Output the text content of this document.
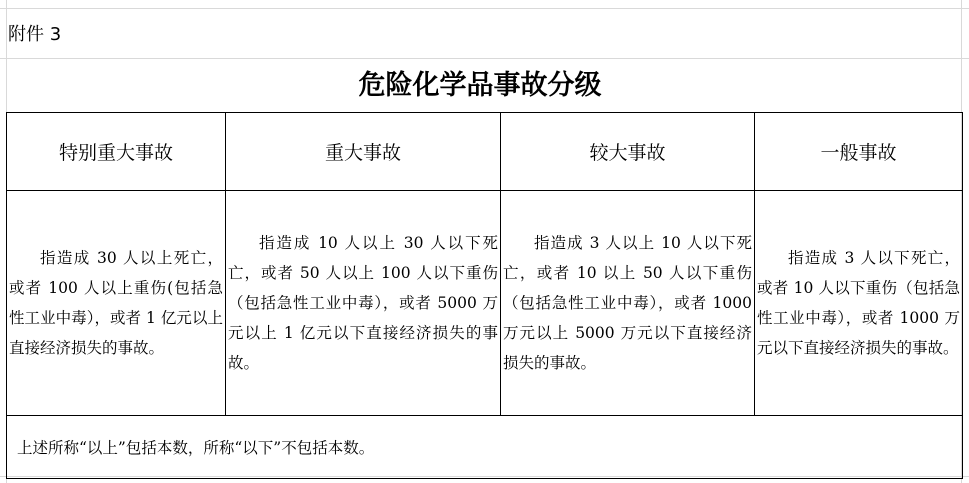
附件 3
危险化学品事故分级
特别重大事故	重大事故	较大事故	一般事故
指造成 30 人以上死亡，或者 100 人以上重伤(包括急性工业中毒），或者 1 亿元以上直接经济损失的事故。	指造成 10 人以上 30 人以下死亡，或者 50 人以上 100 人以下重伤（包括急性工业中毒），或者 5000 万元以上 1 亿元以下直接经济损失的事故。	指造成 3 人以上 10 人以下死亡，或者 10 以上 50 人以下重伤（包括急性工业中毒），或者 1000 万元以上 5000 万元以下直接经济损失的事故。	指造成 3 人以下死亡，或者 10 人以下重伤（包括急性工业中毒），或者 1000 万元以下直接经济损失的事故。
上述所称“以上”包括本数，所称“以下”不包括本数。			
